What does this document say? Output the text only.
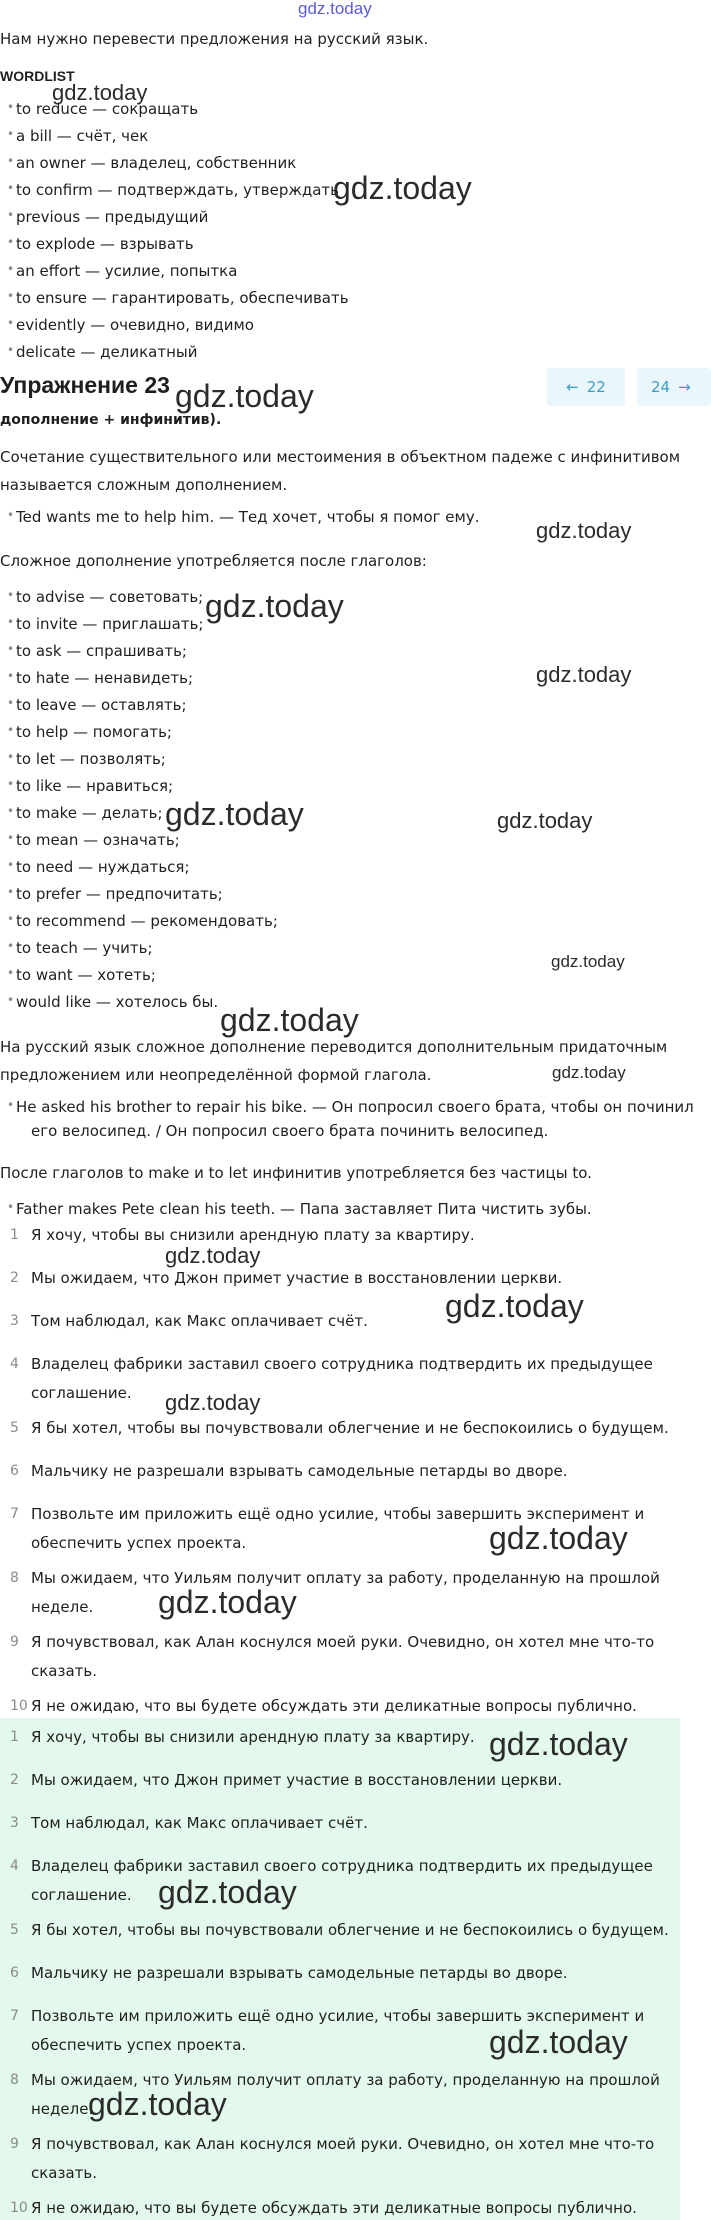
gdz.today
gdz.today
gdz.today
gdz.today
gdz.today
gdz.today
gdz.today
gdz.today	gdz.today
gdz.today
gdz.today
gdz.today
gdz.today
gdz.today
gdz.today
gdz.today
gdz.today
gdz.today
gdz.today
gdz.today
gdz.today
Нам нужно перевести предложения на русский язык.
WORDLIST
• to reduce — сокращать
• a bill — счёт, чек
• an owner — владелец, собственник
• to confirm — подтверждать, утверждать
• previous — предыдущий
• to explode — взрывать
• an effort — усилие, попытка
• to ensure — гарантировать, обеспечивать
• evidently — очевидно, видимо
• delicate — деликатный
Упражнение 23	← 22	24 →
дополнение + инфинитив).
Сочетание существительного или местоимения в объектном падеже с инфинитивом
называется сложным дополнением.
• Ted wants me to help him. — Тед хочет, чтобы я помог ему.
Сложное дополнение употребляется после глаголов:
• to advise — советовать;
• to invite — приглашать;
• to ask — спрашивать;
• to hate — ненавидеть;
• to leave — оставлять;
• to help — помогать;
• to let — позволять;
• to like — нравиться;
• to make — делать;
• to mean — означать;
• to need — нуждаться;
• to prefer — предпочитать;
• to recommend — рекомендовать;
• to teach — учить;
• to want — хотеть;
• would like — хотелось бы.
На русский язык сложное дополнение переводится дополнительным придаточным
предложением или неопределённой формой глагола.
• He asked his brother to repair his bike. — Он попросил своего брата, чтобы он починил
его велосипед. / Он попросил своего брата починить велосипед.
После глаголов to make и to let инфинитив употребляется без частицы to.
• Father makes Pete clean his teeth. — Папа заставляет Пита чистить зубы.
1 Я хочу, чтобы вы снизили арендную плату за квартиру.
2 Мы ожидаем, что Джон примет участие в восстановлении церкви.
3 Том наблюдал, как Макс оплачивает счёт.
4 Владелец фабрики заставил своего сотрудника подтвердить их предыдущее
соглашение.
5 Я бы хотел, чтобы вы почувствовали облегчение и не беспокоились о будущем.
6 Мальчику не разрешали взрывать самодельные петарды во дворе.
7 Позвольте им приложить ещё одно усилие, чтобы завершить эксперимент и
обеспечить успех проекта.
8 Мы ожидаем, что Уильям получит оплату за работу, проделанную на прошлой
неделе.
9 Я почувствовал, как Алан коснулся моей руки. Очевидно, он хотел мне что-то
сказать.
10 Я не ожидаю, что вы будете обсуждать эти деликатные вопросы публично.
1 Я хочу, чтобы вы снизили арендную плату за квартиру.
2 Мы ожидаем, что Джон примет участие в восстановлении церкви.
3 Том наблюдал, как Макс оплачивает счёт.
4 Владелец фабрики заставил своего сотрудника подтвердить их предыдущее
соглашение.
5 Я бы хотел, чтобы вы почувствовали облегчение и не беспокоились о будущем.
6 Мальчику не разрешали взрывать самодельные петарды во дворе.
7 Позвольте им приложить ещё одно усилие, чтобы завершить эксперимент и
обеспечить успех проекта.
8 Мы ожидаем, что Уильям получит оплату за работу, проделанную на прошлой
неделе.
9 Я почувствовал, как Алан коснулся моей руки. Очевидно, он хотел мне что-то
сказать.
10 Я не ожидаю, что вы будете обсуждать эти деликатные вопросы публично.
